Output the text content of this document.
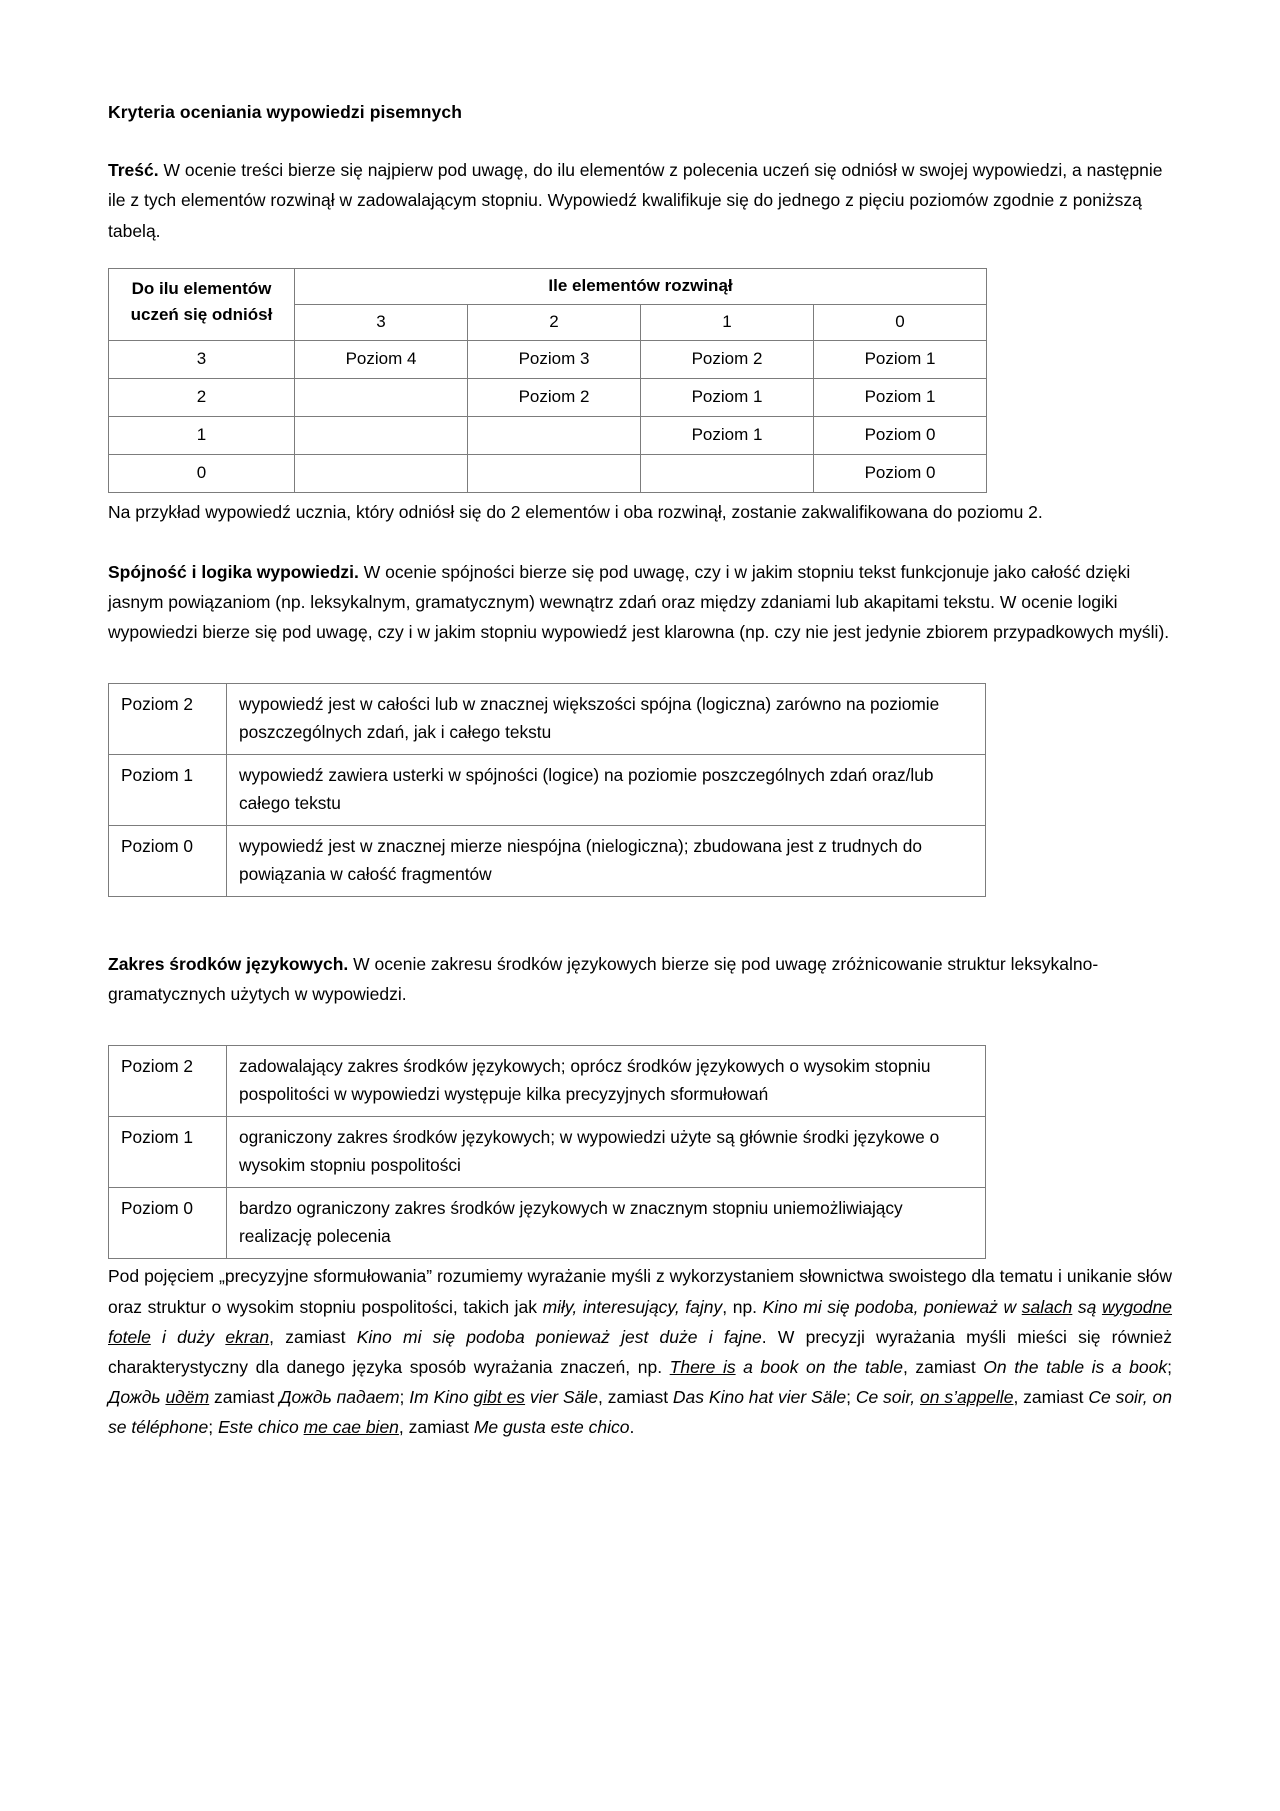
Kryteria oceniania wypowiedzi pisemnych

Treść. W ocenie treści bierze się najpierw pod uwagę, do ilu elementów z polecenia uczeń się odniósł w swojej wypowiedzi, a następnie ile z tych elementów rozwinął w zadowalającym stopniu. Wypowiedź kwalifikuje się do jednego z pięciu poziomów zgodnie z poniższą tabelą.

Do ilu elementów uczeń się odniósł	Ile elementów rozwinął			
	3	2	1	0
3	Poziom 4	Poziom 3	Poziom 2	Poziom 1
2		Poziom 2	Poziom 1	Poziom 1
1			Poziom 1	Poziom 0
0				Poziom 0

Na przykład wypowiedź ucznia, który odniósł się do 2 elementów i oba rozwinął, zostanie zakwalifikowana do poziomu 2.

Spójność i logika wypowiedzi. W ocenie spójności bierze się pod uwagę, czy i w jakim stopniu tekst funkcjonuje jako całość dzięki jasnym powiązaniom (np. leksykalnym, gramatycznym) wewnątrz zdań oraz między zdaniami lub akapitami tekstu. W ocenie logiki wypowiedzi bierze się pod uwagę, czy i w jakim stopniu wypowiedź jest klarowna (np. czy nie jest jedynie zbiorem przypadkowych myśli).

Poziom 2	wypowiedź jest w całości lub w znacznej większości spójna (logiczna) zarówno na poziomie poszczególnych zdań, jak i całego tekstu
Poziom 1	wypowiedź zawiera usterki w spójności (logice) na poziomie poszczególnych zdań oraz/lub całego tekstu
Poziom 0	wypowiedź jest w znacznej mierze niespójna (nielogiczna); zbudowana jest z trudnych do powiązania w całość fragmentów

Zakres środków językowych. W ocenie zakresu środków językowych bierze się pod uwagę zróżnicowanie struktur leksykalno-gramatycznych użytych w wypowiedzi.

Poziom 2	zadowalający zakres środków językowych; oprócz środków językowych o wysokim stopniu pospolitości w wypowiedzi występuje kilka precyzyjnych sformułowań
Poziom 1	ograniczony zakres środków językowych; w wypowiedzi użyte są głównie środki językowe o wysokim stopniu pospolitości
Poziom 0	bardzo ograniczony zakres środków językowych w znacznym stopniu uniemożliwiający realizację polecenia

Pod pojęciem „precyzyjne sformułowania” rozumiemy wyrażanie myśli z wykorzystaniem słownictwa swoistego dla tematu i unikanie słów oraz struktur o wysokim stopniu pospolitości, takich jak miły, interesujący, fajny, np. Kino mi się podoba, ponieważ w salach są wygodne fotele i duży ekran, zamiast Kino mi się podoba ponieważ jest duże i fajne. W precyzji wyrażania myśli mieści się również charakterystyczny dla danego języka sposób wyrażania znaczeń, np. There is a book on the table, zamiast On the table is a book; Дождь идёт zamiast Дождь падает; Im Kino gibt es vier Säle, zamiast Das Kino hat vier Säle; Ce soir, on s’appelle, zamiast Ce soir, on se téléphone; Este chico me cae bien, zamiast Me gusta este chico.
